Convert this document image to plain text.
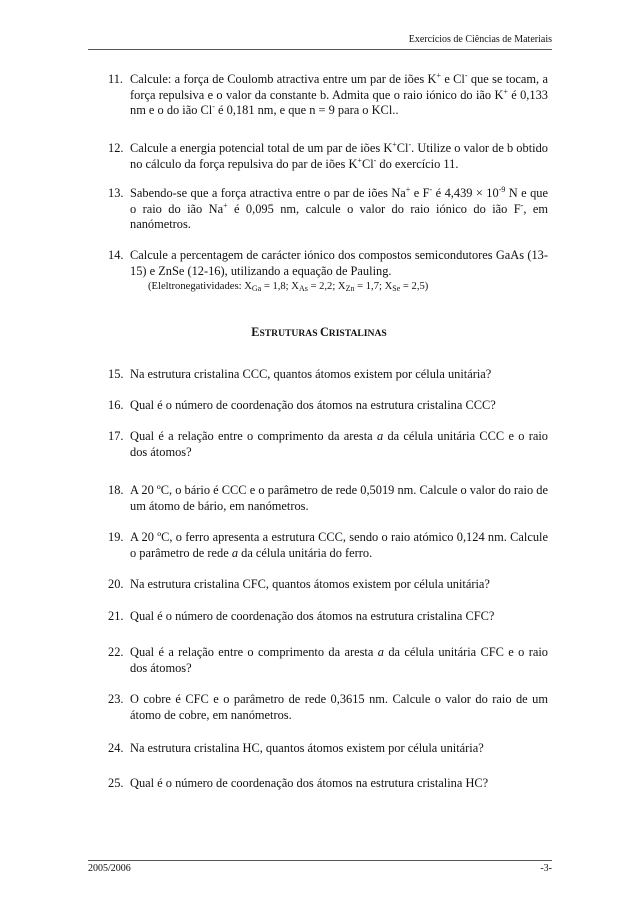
Exercícios de Ciências de Materiais
11. Calcule: a força de Coulomb atractiva entre um par de iões K+ e Cl- que se tocam, a força repulsiva e o valor da constante b. Admita que o raio iónico do ião K+ é 0,133 nm e o do ião Cl- é 0,181 nm, e que n = 9 para o KCl..
12. Calcule a energia potencial total de um par de iões K+Cl-. Utilize o valor de b obtido no cálculo da força repulsiva do par de iões K+Cl- do exercício 11.
13. Sabendo-se que a força atractiva entre o par de iões Na+ e F- é $4,439 \times 10^{-9}$ N e que o raio do ião Na+ é 0,095 nm, calcule o valor do raio iónico do ião F-, em nanómetros.
14. Calcule a percentagem de carácter iónico dos compostos semicondutores GaAs (13-15) e ZnSe (12-16), utilizando a equação de Pauling.
(Eleltronegatividades: $X_{Ga} = 1,8$; $X_{As} = 2,2$; $X_{Zn} = 1,7$; $X_{Se} = 2,5$)
ESTRUTURAS CRISTALINAS
15. Na estrutura cristalina CCC, quantos átomos existem por célula unitária?
16. Qual é o número de coordenação dos átomos na estrutura cristalina CCC?
17. Qual é a relação entre o comprimento da aresta a da célula unitária CCC e o raio dos átomos?
18. A 20 ºC, o bário é CCC e o parâmetro de rede 0,5019 nm. Calcule o valor do raio de um átomo de bário, em nanómetros.
19. A 20 ºC, o ferro apresenta a estrutura CCC, sendo o raio atómico 0,124 nm. Calcule o parâmetro de rede a da célula unitária do ferro.
20. Na estrutura cristalina CFC, quantos átomos existem por célula unitária?
21. Qual é o número de coordenação dos átomos na estrutura cristalina CFC?
22. Qual é a relação entre o comprimento da aresta a da célula unitária CFC e o raio dos átomos?
23. O cobre é CFC e o parâmetro de rede 0,3615 nm. Calcule o valor do raio de um átomo de cobre, em nanómetros.
24. Na estrutura cristalina HC, quantos átomos existem por célula unitária?
25. Qual é o número de coordenação dos átomos na estrutura cristalina HC?
2005/2006	-3-
